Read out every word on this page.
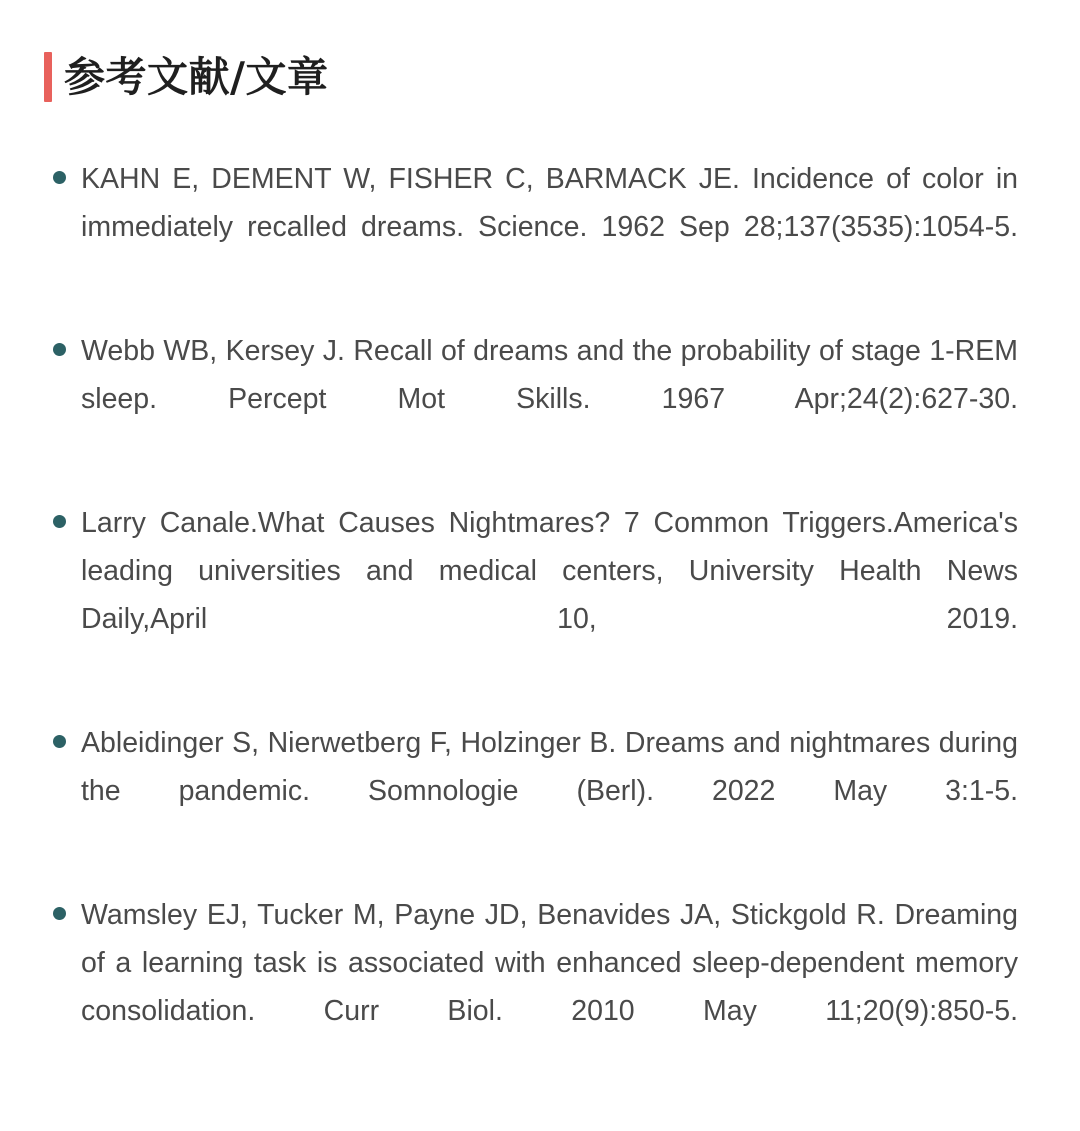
参考文献/文章
KAHN E, DEMENT W, FISHER C, BARMACK JE. Incidence of color in immediately recalled dreams. Science. 1962 Sep 28;137(3535):1054-5.
Webb WB, Kersey J. Recall of dreams and the probability of stage 1-REM sleep. Percept Mot Skills. 1967 Apr;24(2):627-30.
Larry Canale.What Causes Nightmares? 7 Common Triggers.America's leading universities and medical centers, University Health News Daily,April 10, 2019.
Ableidinger S, Nierwetberg F, Holzinger B. Dreams and nightmares during the pandemic. Somnologie (Berl). 2022 May 3:1-5.
Wamsley EJ, Tucker M, Payne JD, Benavides JA, Stickgold R. Dreaming of a learning task is associated with enhanced sleep-dependent memory consolidation. Curr Biol. 2010 May 11;20(9):850-5.
